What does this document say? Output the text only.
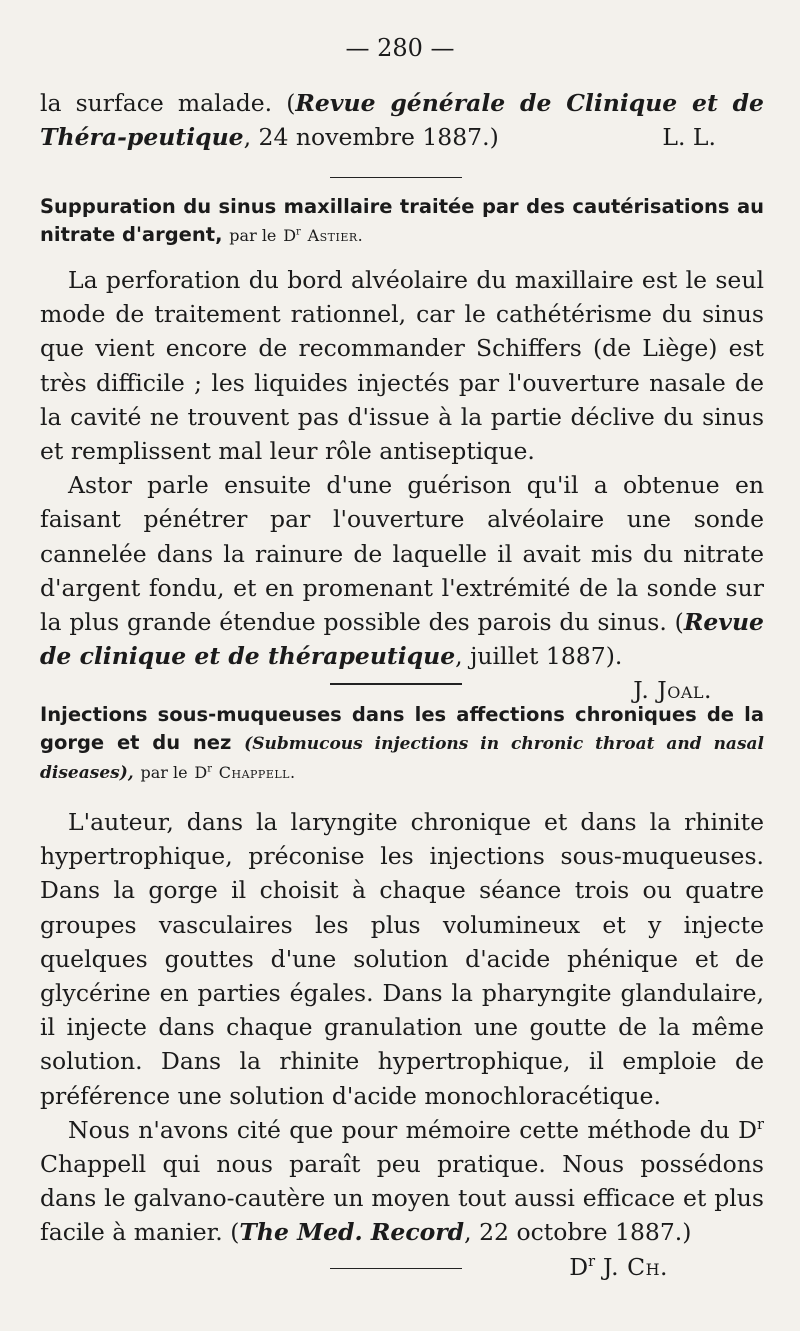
— 280 —

la surface malade. (Revue générale de Clinique et de Théra-peutique, 24 novembre 1887.)	L. L.

Suppuration du sinus maxillaire traitée par des cautérisations au nitrate d'argent, par le $D^r$ Astier.

La perforation du bord alvéolaire du maxillaire est le seul mode de traitement rationnel, car le cathétérisme du sinus que vient encore de recommander Schiffers (de Liège) est très difficile ; les liquides injectés par l'ouverture nasale de la cavité ne trouvent pas d'issue à la partie déclive du sinus et remplissent mal leur rôle antiseptique.

Astor parle ensuite d'une guérison qu'il a obtenue en faisant pénétrer par l'ouverture alvéolaire une sonde cannelée dans la rainure de laquelle il avait mis du nitrate d'argent fondu, et en promenant l'extrémité de la sonde sur la plus grande étendue possible des parois du sinus. (Revue de clinique et de thérapeutique, juillet 1887).
J. Joal.

Injections sous-muqueuses dans les affections chroniques de la gorge et du nez (Submucous injections in chronic throat and nasal diseases), par le $D^r$ Chappell.

L'auteur, dans la laryngite chronique et dans la rhinite hypertrophique, préconise les injections sous-muqueuses. Dans la gorge il choisit à chaque séance trois ou quatre groupes vasculaires les plus volumineux et y injecte quelques gouttes d'une solution d'acide phénique et de glycérine en parties égales. Dans la pharyngite glandulaire, il injecte dans chaque granulation une goutte de la même solution. Dans la rhinite hypertrophique, il emploie de préférence une solution d'acide monochloracétique.

Nous n'avons cité que pour mémoire cette méthode du $D^r$ Chappell qui nous paraît peu pratique. Nous possédons dans le galvano-cautère un moyen tout aussi efficace et plus facile à manier. (The Med. Record, 22 octobre 1887.)

$D^r$ J. Ch.
